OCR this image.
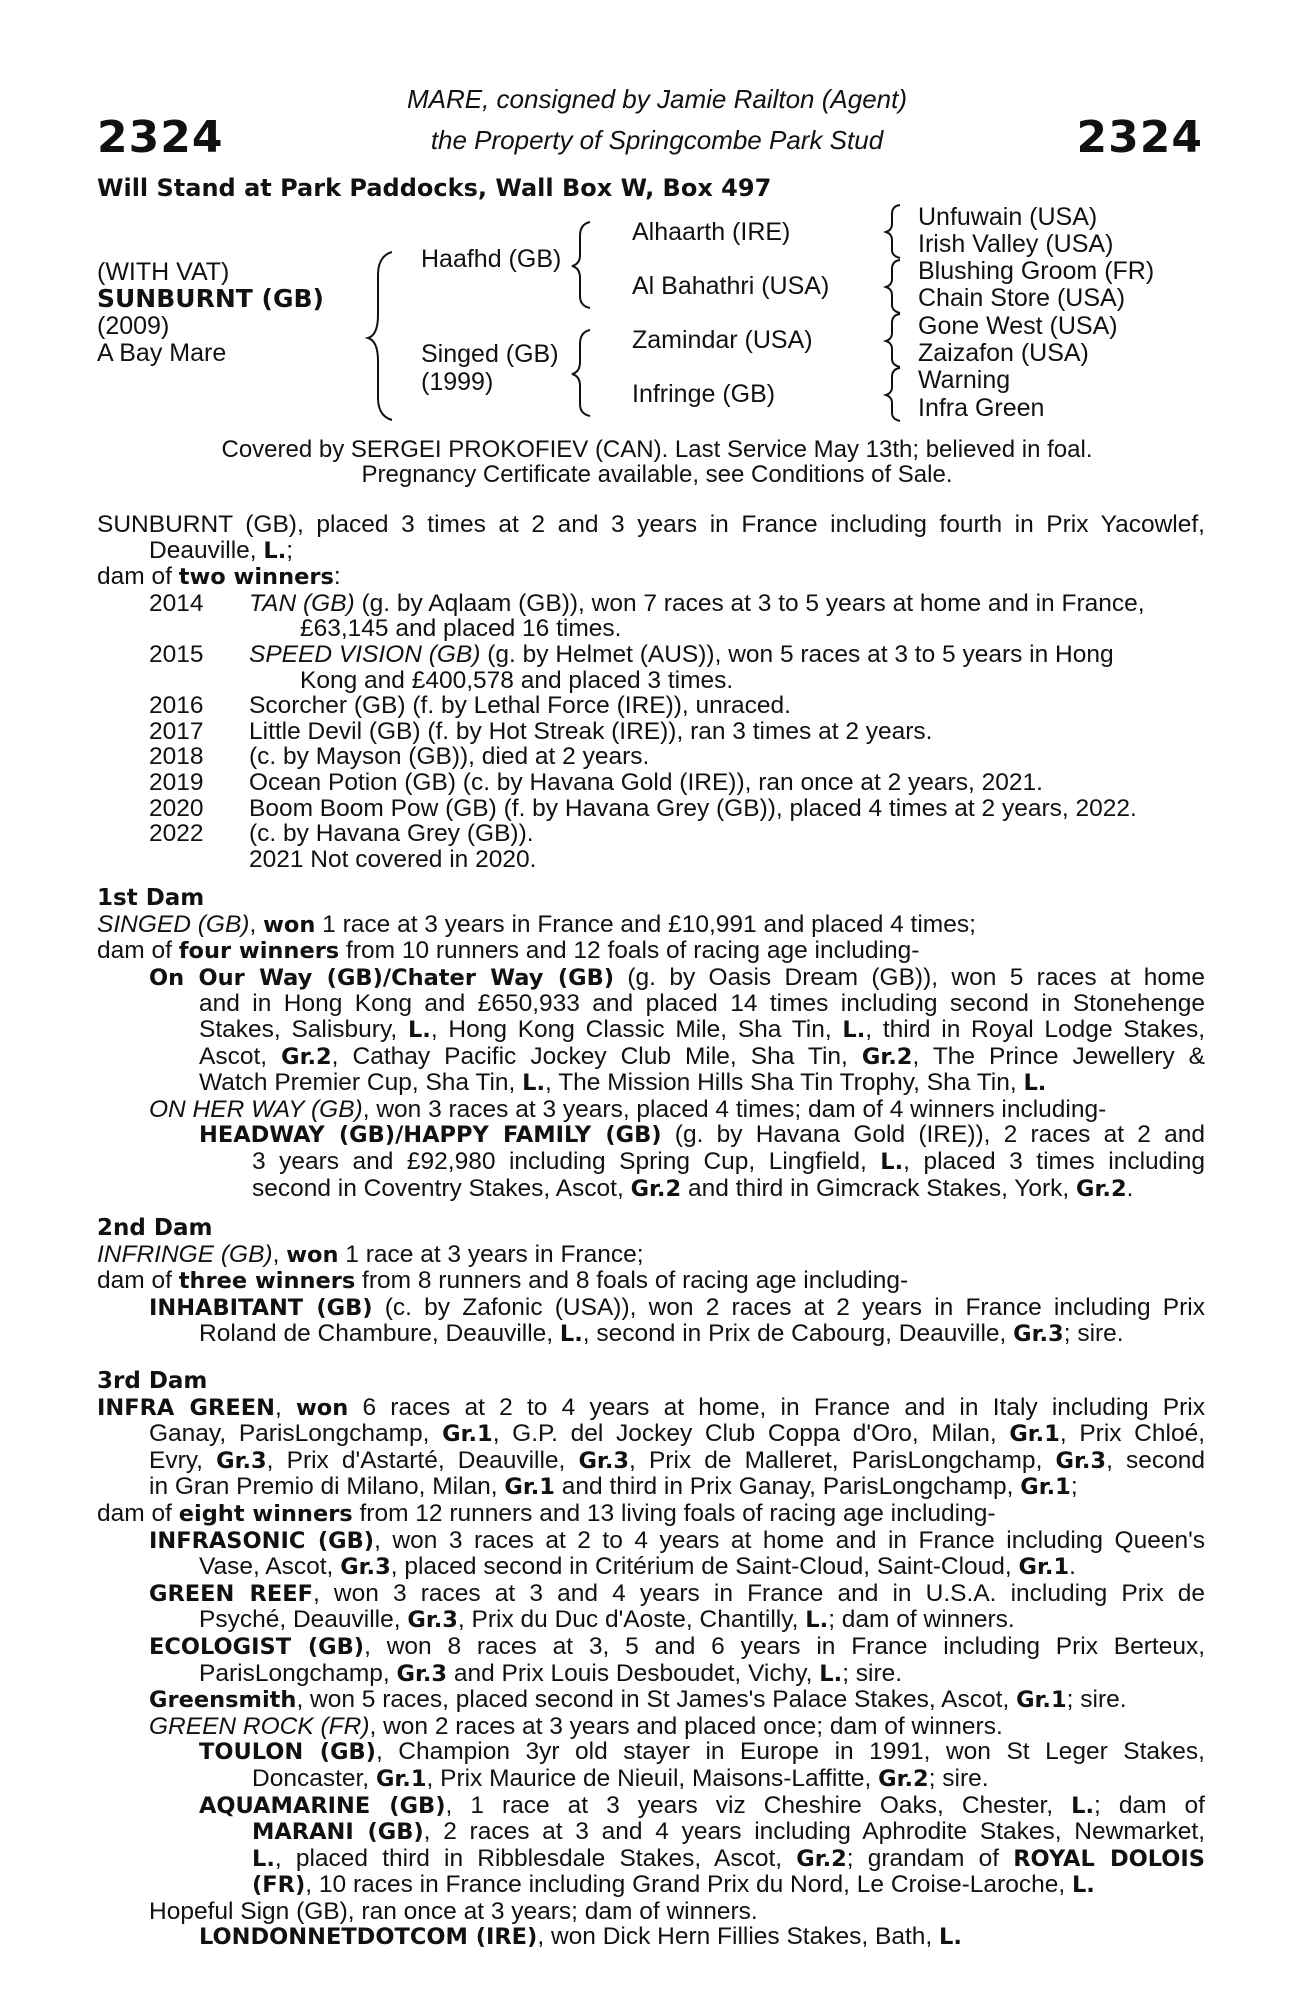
2324	2324
MARE, consigned by Jamie Railton (Agent)
the Property of Springcombe Park Stud
Will Stand at Park Paddocks, Wall Box W, Box 497
(WITH VAT)
SUNBURNT (GB)
(2009)
A Bay Mare
Haafhd (GB)
Singed (GB)
(1999)
Alhaarth (IRE)
Al Bahathri (USA)
Zamindar (USA)
Infringe (GB)
Unfuwain (USA)
Irish Valley (USA)
Blushing Groom (FR)
Chain Store (USA)
Gone West (USA)
Zaizafon (USA)
Warning
Infra Green
Covered by SERGEI PROKOFIEV (CAN). Last Service May 13th; believed in foal.
Pregnancy Certificate available, see Conditions of Sale.
SUNBURNT (GB), placed 3 times at 2 and 3 years in France including fourth in Prix Yacowlef,
Deauville, L.;
dam of two winners:
2014 TAN (GB) (g. by Aqlaam (GB)), won 7 races at 3 to 5 years at home and in France,
£63,145 and placed 16 times.
2015 SPEED VISION (GB) (g. by Helmet (AUS)), won 5 races at 3 to 5 years in Hong
Kong and £400,578 and placed 3 times.
2016 Scorcher (GB) (f. by Lethal Force (IRE)), unraced.
2017 Little Devil (GB) (f. by Hot Streak (IRE)), ran 3 times at 2 years.
2018 (c. by Mayson (GB)), died at 2 years.
2019 Ocean Potion (GB) (c. by Havana Gold (IRE)), ran once at 2 years, 2021.
2020 Boom Boom Pow (GB) (f. by Havana Grey (GB)), placed 4 times at 2 years, 2022.
2022 (c. by Havana Grey (GB)).
2021 Not covered in 2020.
1st Dam
SINGED (GB), won 1 race at 3 years in France and £10,991 and placed 4 times;
dam of four winners from 10 runners and 12 foals of racing age including-
On Our Way (GB)/Chater Way (GB) (g. by Oasis Dream (GB)), won 5 races at home
and in Hong Kong and £650,933 and placed 14 times including second in Stonehenge
Stakes, Salisbury, L., Hong Kong Classic Mile, Sha Tin, L., third in Royal Lodge Stakes,
Ascot, Gr.2, Cathay Pacific Jockey Club Mile, Sha Tin, Gr.2, The Prince Jewellery &
Watch Premier Cup, Sha Tin, L., The Mission Hills Sha Tin Trophy, Sha Tin, L.
ON HER WAY (GB), won 3 races at 3 years, placed 4 times; dam of 4 winners including-
HEADWAY (GB)/HAPPY FAMILY (GB) (g. by Havana Gold (IRE)), 2 races at 2 and
3 years and £92,980 including Spring Cup, Lingfield, L., placed 3 times including
second in Coventry Stakes, Ascot, Gr.2 and third in Gimcrack Stakes, York, Gr.2.
2nd Dam
INFRINGE (GB), won 1 race at 3 years in France;
dam of three winners from 8 runners and 8 foals of racing age including-
INHABITANT (GB) (c. by Zafonic (USA)), won 2 races at 2 years in France including Prix
Roland de Chambure, Deauville, L., second in Prix de Cabourg, Deauville, Gr.3; sire.
3rd Dam
INFRA GREEN, won 6 races at 2 to 4 years at home, in France and in Italy including Prix
Ganay, ParisLongchamp, Gr.1, G.P. del Jockey Club Coppa d'Oro, Milan, Gr.1, Prix Chloé,
Evry, Gr.3, Prix d'Astarté, Deauville, Gr.3, Prix de Malleret, ParisLongchamp, Gr.3, second
in Gran Premio di Milano, Milan, Gr.1 and third in Prix Ganay, ParisLongchamp, Gr.1;
dam of eight winners from 12 runners and 13 living foals of racing age including-
INFRASONIC (GB), won 3 races at 2 to 4 years at home and in France including Queen's
Vase, Ascot, Gr.3, placed second in Critérium de Saint-Cloud, Saint-Cloud, Gr.1.
GREEN REEF, won 3 races at 3 and 4 years in France and in U.S.A. including Prix de
Psyché, Deauville, Gr.3, Prix du Duc d'Aoste, Chantilly, L.; dam of winners.
ECOLOGIST (GB), won 8 races at 3, 5 and 6 years in France including Prix Berteux,
ParisLongchamp, Gr.3 and Prix Louis Desboudet, Vichy, L.; sire.
Greensmith, won 5 races, placed second in St James's Palace Stakes, Ascot, Gr.1; sire.
GREEN ROCK (FR), won 2 races at 3 years and placed once; dam of winners.
TOULON (GB), Champion 3yr old stayer in Europe in 1991, won St Leger Stakes,
Doncaster, Gr.1, Prix Maurice de Nieuil, Maisons-Laffitte, Gr.2; sire.
AQUAMARINE (GB), 1 race at 3 years viz Cheshire Oaks, Chester, L.; dam of
MARANI (GB), 2 races at 3 and 4 years including Aphrodite Stakes, Newmarket,
L., placed third in Ribblesdale Stakes, Ascot, Gr.2; grandam of ROYAL DOLOIS
(FR), 10 races in France including Grand Prix du Nord, Le Croise-Laroche, L.
Hopeful Sign (GB), ran once at 3 years; dam of winners.
LONDONNETDOTCOM (IRE), won Dick Hern Fillies Stakes, Bath, L.
